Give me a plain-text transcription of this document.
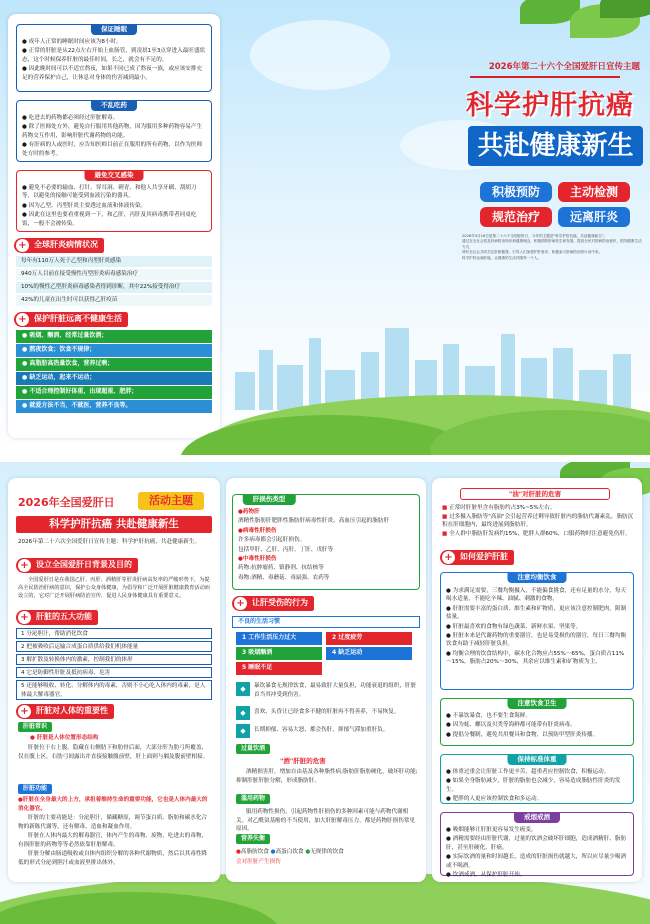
保证睡眠

● 成年人正常的睡眠时间应该为8小时。

● 正常的肝脏是从22点左右开始上血肠管，到凌晨1至3点穿进入最旺盛状态，这个时候保养肝脏的最佳时间，长之，就会有不足的。

● 因此晚时间可以不适宜熬夜，如果不同已成了熬夜一族，或应该安排充足的营养保护自己，让休息对身体的伤害减到最小。

不乱吃药

● 吃进去的药物都必须经过肝脏解毒。

● 除了医师处方外，避免自行服用其他药物，因为服用多种药物容易产生药物交互作用，影响肝脏代谢药物的功能。

● 有肝病的人或医时，应告知医师目前正在服用的所有药物，以作为医师处方时的参考。

避免交叉感染

● 避免不必要的输血、打针、穿耳洞、刺青、和他人共享牙刷、刮胡刀等，以避免的接触可能受到血液污染的器具。

● 因为乙型、丙型肝炎主要透过血液和体液传染。

● 因此在这里也要看重视到一下，和乙肝，丙肝及其病毒携带者同桌吃饭，一般不会被传染。

+ 全球肝炎病情状况
每年有110万人死于乙型和丙型肝炎感染
940万人目前在接受慢性丙型肝炎病毒感染治疗
10%的慢性乙型肝炎病毒感染者得到诊断，其中22%接受得治疗
42%的儿童在出生时可以获得乙肝疫苗
+ 保护肝脏远离不健康生活
● 吸烟、酗酒、经常过量饮酒；
● 熬夜饮食；饮食不规律；
● 高脂肪高热量饮食，营养过剩；
● 缺乏运动，起来不运动；
● 不适合理控制好体重，出现超重、肥胖；
● 就爱方法不当，不就医，营养不良等。
2026年第二十六个全国爱肝日宣传主题
科学护肝抗癌
共赴健康新生
积极预防	主动检测
规范治疗	远离肝炎
2026年3月18日是第二十六个全国爱肝日，今年的主题是"科学护肝抗癌，共赴健康新生"。
通过在全社会普及肝病防治知识和健康理念，积极预防肝病发生和发展，提高全民对肝病防治意识，倡导健康生活方式，
呼吁全社会共同关注肝脏健康，引导人们加强护肝意识，积极参与肝病防治的行动中来。
科学护肝远离肝癌，让健康的生活伴随每一个人。
2026年全国爱肝日	活动主题
科学护肝抗癌 共赴健康新生
2026年第二十六次全国爱肝日宣传主题：科学护肝抗癌，共赴健康新生。
+ 设立全国爱肝日背景及目的
全国爱肝日是在我国乙肝、丙肝、酒精肝等肝炎肝病高发率的严峻形势下，为提高全民防治肝病的意识，保护公众身体健康，为倡导和广泛开展肝脏健康教育活动而设立的，它对广泛开展肝病防治宣传，促进人民身体健康具有重要意义。
+ 肝脏的五大功能
1 分泌胆汁，帮助消化饮食
2 把被吸收后运输合成蛋白质供给我们机体能量
3 解扩散及转换体内的激素，控制我们的体形
4 它是防御性肝脏及抵抗病毒、危害
5 还能够吸收、转化、分解体内的毒素，否则不小心吃入体内的毒素，是人体最大解毒器官。
+ 肝脏对人体的重要性
肝脏常识
● 肝脏是人体位置形态结构
肝脏位于右上腹，隐藏在右侧肋下和肋骨后面，大部分肝为肋弓所覆盖，仅在腹上区，右肋弓间露出并直接接触腹前壁，肝上面则与膈及腹前壁相接。
肝脏功能
●肝脏在全身最大的上方，承担着维持生命的重要功能，它也是人体内最大的消化器官。
肝脏的主要功能是：分泌胆汁，储藏糖原，调节蛋白质、脂肪和碳水化合物的新陈代谢等，还有解毒、造血和凝血作用。
肝脏在人体内最大的解毒器官，体内产生的毒物、废物，吃进去的毒物，有损肝脏的药物等等必然依靠肝脏解毒。
肝脏分解由肠道吸收或自体内组织分解的各种代谢物质，然后以其毒性降低的形式分泌到胆汁或血液里排出体外。
肝损伤类型

●药物肝

酒精性脂肪肝肥胖性脂肪肝病毒性肝炎、高血压引起的脂肪肝

●病毒性肝损伤

许多病毒都会引起肝损伤。

包括甲肝、乙肝、丙肝、丁肝、戊肝等

●中毒性肝损伤

药物:抗肿瘤药、镇静剂、抗结核等

毒物:酒精、毒蘑菇、毒鼠强、农药等

+ 让肝受伤的行为
不良的生活习惯
1 工作生活压力过大	2 过度疲劳
3 吸烟酗酒	4 缺乏运动
5 睡眠不足
◆	暴饮暴食无规律饮食，最易致肝大量负担，功能衰退的组织，肝脏首当其冲受到伤害。
◆	喜欢、头昏让已经食多不健的肝脏再不得善养，不易恢复。
◆	长期抑郁、容易大怒、都会伤肝，抑郁气滞加重肝负。
过量饮酒
"酒"肝脏的危害
酒精损害肝，增加自由基及各种脂性病;脂肪肝脂肪硬化，破坏肝功能;抑制肝脏肝脏分解，形成脂肪肝。
滥用药物
服用药物性损伤，引起药物性肝损伤的多种因素可能与药物代谢相关。对乙酰氨基酚的不当使用，加大肝脏解毒压力，都是药物肝损伤常见原因。
营养失衡
●高脂肪饮食 ●高蛋白饮食 ●无规律的饮食
会对肝脏产生损伤
"油"对肝脏的危害
■ 正常时肝脏里含有脂肪约占3%~5%左右。
■ 过多摄入脂肪等"高油"会引起营养过剩导致肝脏内的脂肪代谢紊乱，脂肪沉积在肝细胞内，最终进展到脂肪肝。
■ 全人群中脂肪肝发病约15%，肥胖人群60%，口服药物时注意避免伤肝。
+ 如何爱护肝脏
注意均衡饮食

● 为求满足需要，三餐均衡摄入，不能偏食挑食，还有足量的水分，每天喝水适量，不能吃辛辣、油腻、刺激的食物。

● 肝脏需要丰富的蛋白质、维生素和矿物质，更应该注意控制肥肉，限制盐量。

● 肝脏最喜欢的食物有绿色蔬菜、新鲜水果、坚果等。

● 肝脏本来是代谢药物的重要器官，也是易受损伤的器官，每日三餐均衡饮食有助于减轻肝脏负担。

● 均衡合理的饮食结构中，碳水化合物应占55%～65%，蛋白质占11%～15%，脂肪占20%～30%，其余应以维生素和矿物质为主。

注意饮食卫生

● 不暴饮暴食，也不要生食海鲜。

● 因为蚝、螺以及贝类等海鲜都可能带有肝炎病毒。

● 提倡分餐制，避免共用餐具和食物，以预防甲型肝炎传播。

保持标准体重

● 体重过重会让肝脏工作更辛苦，超重者应控制饮食，积极运动。

● 如果全身脂肪减少，肝脏的脂肪也会减少，容易造成脂肪性肝炎的发生。

● 肥胖的人更应该控制饮食和多运动。

戒烟戒酒

● 吸烟能够让肝脏更容易发生癌变。

● 酒精需要经由肝脏代谢，过量的饮酒会破坏肝细胞，造成酒精肝、脂肪肝，甚至肝硬化、肝癌。

● 实际饮酒的量和时间越长，造成的肝脏损伤就越大，所以应尽量少喝酒或不喝酒。

● 饮酒戒酒，从保护肝脏开始。
